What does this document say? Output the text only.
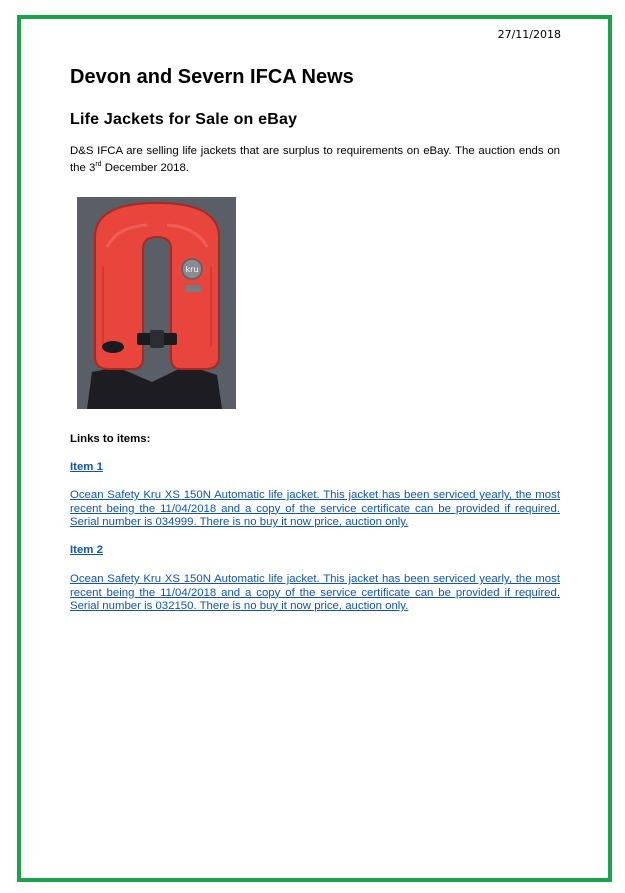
27/11/2018
Devon and Severn IFCA News
Life Jackets for Sale on eBay

D&S IFCA are selling life jackets that are surplus to requirements on eBay. The auction ends on the 3rd December 2018.

kru

Links to items:

Item 1

Ocean Safety Kru XS 150N Automatic life jacket. This jacket has been serviced yearly, the most recent being the 11/04/2018 and a copy of the service certificate can be provided if required. Serial number is 034999. There is no buy it now price, auction only.

Item 2

Ocean Safety Kru XS 150N Automatic life jacket. This jacket has been serviced yearly, the most recent being the 11/04/2018 and a copy of the service certificate can be provided if required. Serial number is 032150. There is no buy it now price, auction only.
